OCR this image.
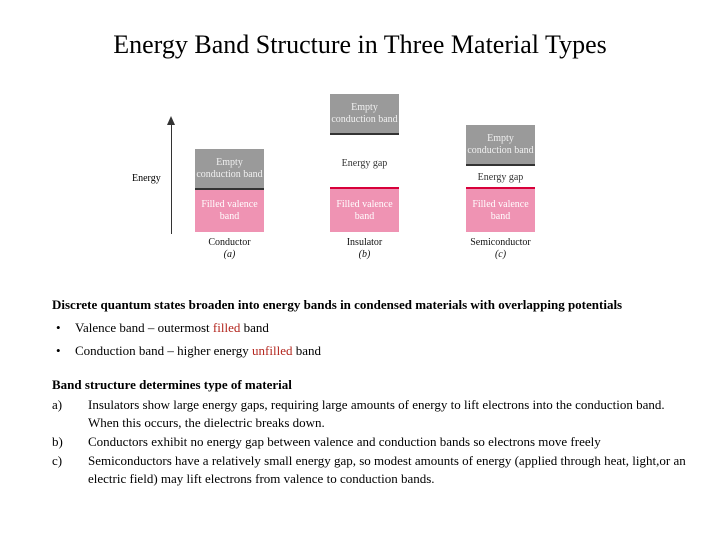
Energy Band Structure in Three Material Types
Energy
Empty conduction band
Filled valence band
Conductor
(a)
Empty conduction band
Energy gap
Filled valence band
Insulator
(b)
Empty conduction band
Energy gap
Filled valence band
Semiconductor
(c)
Discrete quantum states broaden into energy bands in condensed materials with overlapping potentials
• Valence band – outermost filled band
• Conduction band – higher energy unfilled band
Band structure determines type of material
a) Insulators show large energy gaps, requiring large amounts of energy to lift electrons into the conduction band. When this occurs, the dielectric breaks down.
b) Conductors exhibit no energy gap between valence and conduction bands so electrons move freely
c) Semiconductors have a relatively small energy gap, so modest amounts of energy (applied through heat, light,or an electric field) may lift electrons from valence to conduction bands.
